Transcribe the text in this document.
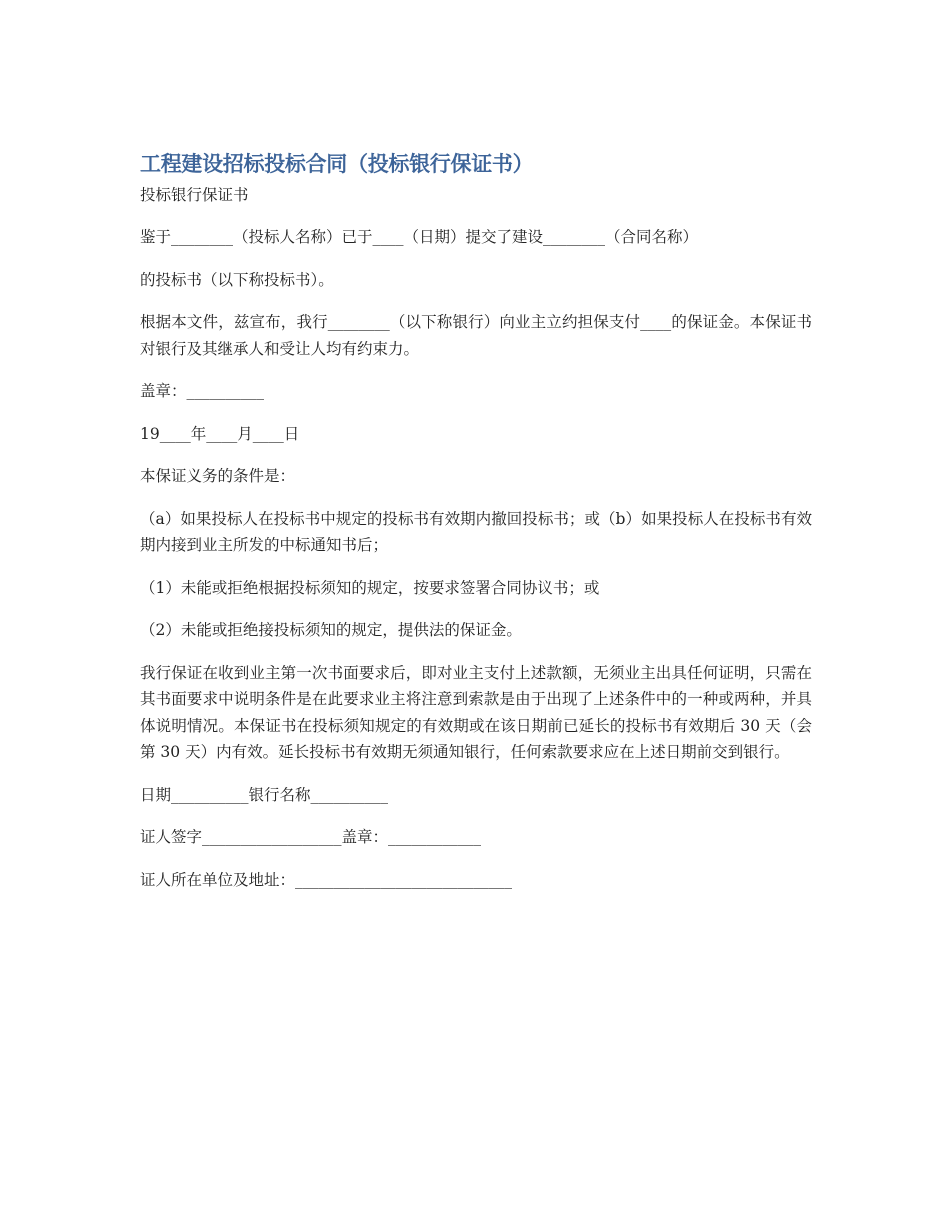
工程建设招标投标合同（投标银行保证书）

投标银行保证书

鉴于________（投标人名称）已于____（日期）提交了建设________（合同名称）

的投标书（以下称投标书）。

根据本文件，兹宣布，我行________（以下称银行）向业主立约担保支付____的保证金。本保证书对银行及其继承人和受让人均有约束力。

盖章：__________

19____年____月____日

本保证义务的条件是：

（a）如果投标人在投标书中规定的投标书有效期内撤回投标书；或（b）如果投标人在投标书有效期内接到业主所发的中标通知书后；

（1）未能或拒绝根据投标须知的规定，按要求签署合同协议书；或

（2）未能或拒绝接投标须知的规定，提供法的保证金。

我行保证在收到业主第一次书面要求后，即对业主支付上述款额，无须业主出具任何证明，只需在其书面要求中说明条件是在此要求业主将注意到索款是由于出现了上述条件中的一种或两种，并具体说明情况。本保证书在投标须知规定的有效期或在该日期前已延长的投标书有效期后 30 天（会第 30 天）内有效。延长投标书有效期无须通知银行，任何索款要求应在上述日期前交到银行。

日期__________银行名称__________

证人签字__________________盖章：____________

证人所在单位及地址：____________________________
